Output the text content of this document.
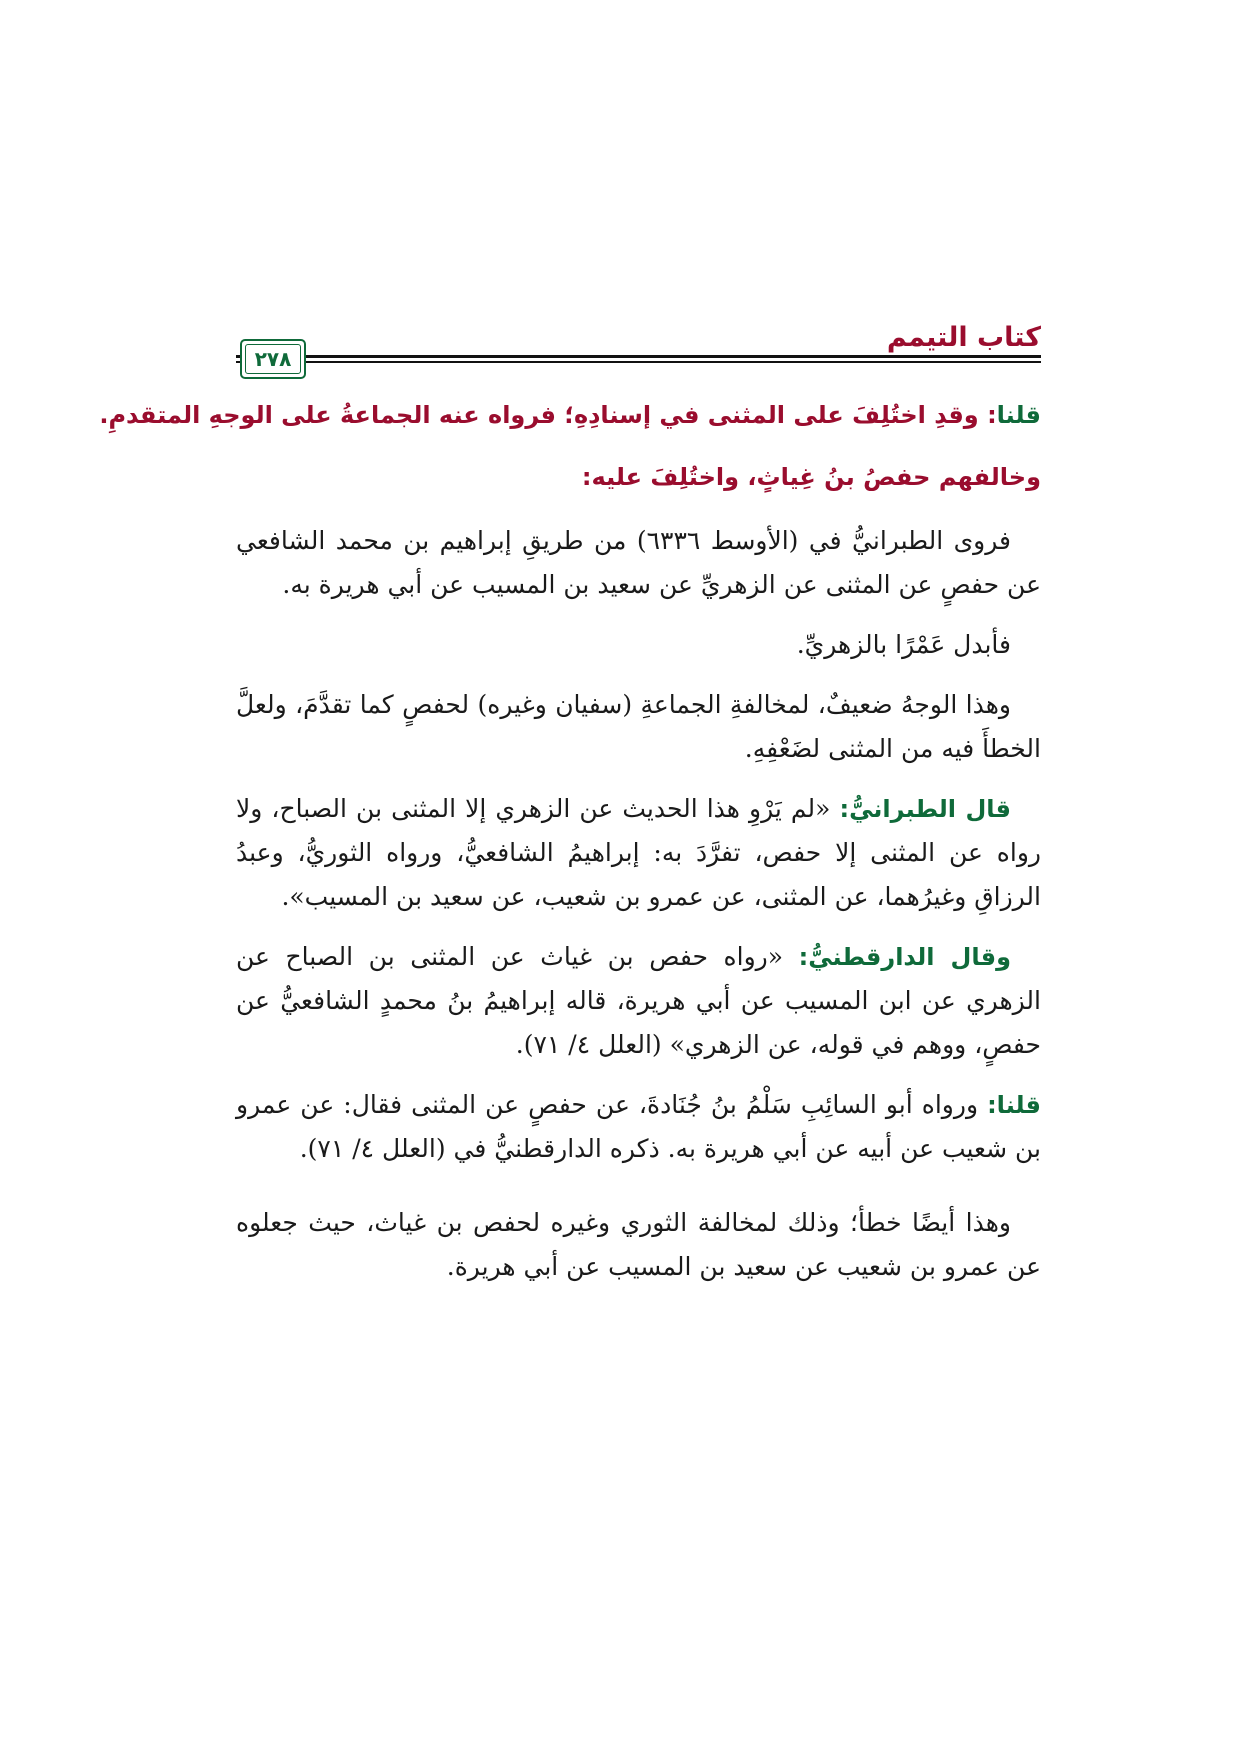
كتاب التيمم
٢٧٨

قلنا: وقدِ اختُلِفَ على المثنى في إسنادِهِ؛ فرواه عنه الجماعةُ على الوجهِ المتقدمِ.

وخالفهم حفصُ بنُ غِياثٍ، واختُلِفَ عليه:

فروى الطبرانيُّ في (الأوسط ٦٣٣٦) من طريقِ إبراهيم بن محمد الشافعي عن حفصٍ عن المثنى عن الزهريِّ عن سعيد بن المسيب عن أبي هريرة به.

فأبدل عَمْرًا بالزهريِّ.

وهذا الوجهُ ضعيفٌ، لمخالفةِ الجماعةِ (سفيان وغيره) لحفصٍ كما تقدَّمَ، ولعلَّ الخطأَ فيه من المثنى لضَعْفِهِ.

قال الطبرانيُّ: «لم يَرْوِ هذا الحديث عن الزهري إلا المثنى بن الصباح، ولا رواه عن المثنى إلا حفص، تفرَّدَ به: إبراهيمُ الشافعيُّ، ورواه الثوريُّ، وعبدُ الرزاقِ وغيرُهما، عن المثنى، عن عمرو بن شعيب، عن سعيد بن المسيب».

وقال الدارقطنيُّ: «رواه حفص بن غياث عن المثنى بن الصباح عن الزهري عن ابن المسيب عن أبي هريرة، قاله إبراهيمُ بنُ محمدٍ الشافعيُّ عن حفصٍ، ووهم في قوله، عن الزهري» (العلل ٤/ ٧١).

قلنا: ورواه أبو السائِبِ سَلْمُ بنُ جُنَادةَ، عن حفصٍ عن المثنى فقال: عن عمرو بن شعيب عن أبيه عن أبي هريرة به. ذكره الدارقطنيُّ في (العلل ٤/ ٧١).

وهذا أيضًا خطأ؛ وذلك لمخالفة الثوري وغيره لحفص بن غياث، حيث جعلوه عن عمرو بن شعيب عن سعيد بن المسيب عن أبي هريرة.
